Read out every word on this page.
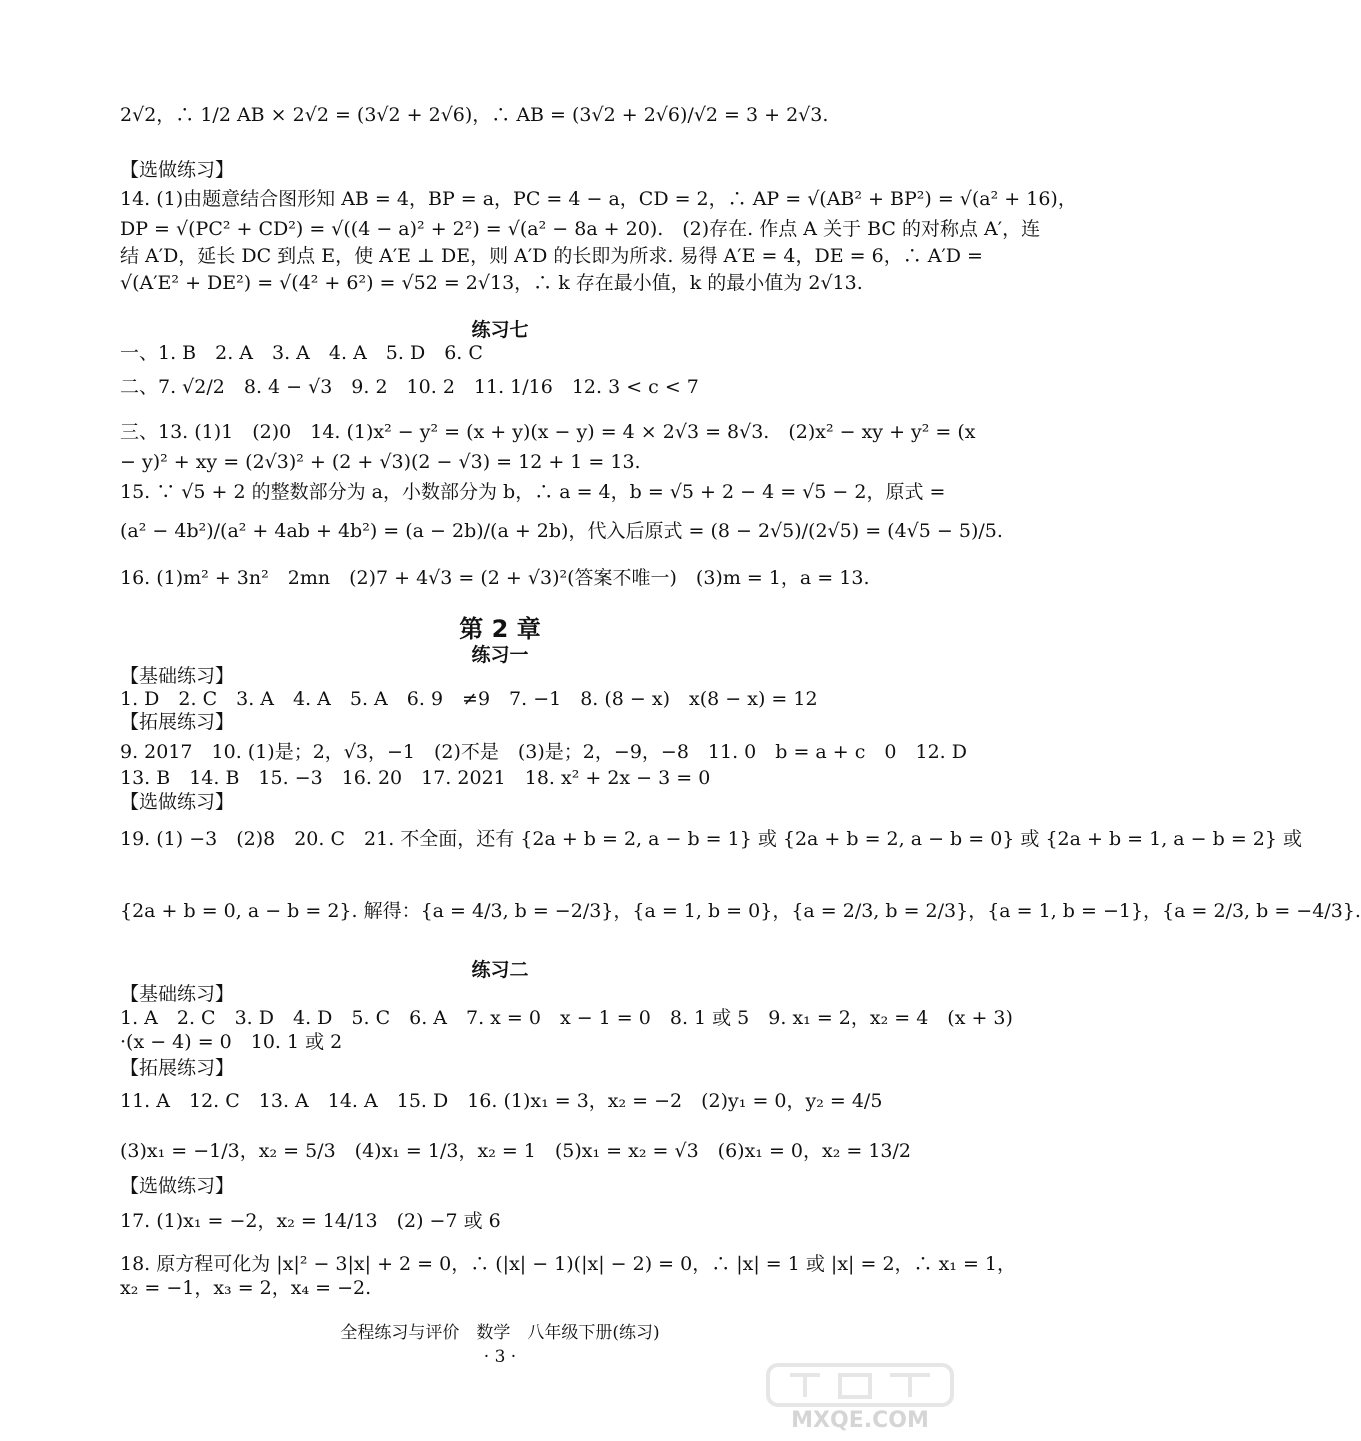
2√2，∴ 1/2 AB × 2√2 = (3√2 + 2√6)，∴ AB = (3√2 + 2√6)/√2 = 3 + 2√3.
【选做练习】
14. (1)由题意结合图形知 AB = 4，BP = a，PC = 4 − a，CD = 2，∴ AP = √(AB² + BP²) = √(a² + 16)，
DP = √(PC² + CD²) = √((4 − a)² + 2²) = √(a² − 8a + 20).　(2)存在. 作点 A 关于 BC 的对称点 A′，连
结 A′D，延长 DC 到点 E，使 A′E ⊥ DE，则 A′D 的长即为所求. 易得 A′E = 4，DE = 6，∴ A′D =
√(A′E² + DE²) = √(4² + 6²) = √52 = 2√13，∴ k 存在最小值，k 的最小值为 2√13.
练习七
一、1. B　2. A　3. A　4. A　5. D　6. C
二、7. √2/2　8. 4 − √3　9. 2　10. 2　11. 1/16　12. 3 < c < 7
三、13. (1)1　(2)0　14. (1)x² − y² = (x + y)(x − y) = 4 × 2√3 = 8√3.　(2)x² − xy + y² = (x
− y)² + xy = (2√3)² + (2 + √3)(2 − √3) = 12 + 1 = 13.
15. ∵ √5 + 2 的整数部分为 a，小数部分为 b，∴ a = 4，b = √5 + 2 − 4 = √5 − 2，原式 =
(a² − 4b²)/(a² + 4ab + 4b²) = (a − 2b)/(a + 2b)，代入后原式 = (8 − 2√5)/(2√5) = (4√5 − 5)/5.
16. (1)m² + 3n²　2mn　(2)7 + 4√3 = (2 + √3)²(答案不唯一)　(3)m = 1，a = 13.
第 2 章
练习一
【基础练习】
1. D　2. C　3. A　4. A　5. A　6. 9　≠9　7. −1　8. (8 − x)　x(8 − x) = 12
【拓展练习】
9. 2017　10. (1)是；2，√3，−1　(2)不是　(3)是；2，−9，−8　11. 0　b = a + c　0　12. D
13. B　14. B　15. −3　16. 20　17. 2021　18. x² + 2x − 3 = 0
【选做练习】
19. (1) −3　(2)8　20. C　21. 不全面，还有 {2a + b = 2, a − b = 1} 或 {2a + b = 2, a − b = 0} 或 {2a + b = 1, a − b = 2} 或
{2a + b = 0, a − b = 2}. 解得：{a = 4/3, b = −2/3}，{a = 1, b = 0}，{a = 2/3, b = 2/3}，{a = 1, b = −1}，{a = 2/3, b = −4/3}.
练习二
【基础练习】
1. A　2. C　3. D　4. D　5. C　6. A　7. x = 0　x − 1 = 0　8. 1 或 5　9. x₁ = 2，x₂ = 4　(x + 3)
·(x − 4) = 0　10. 1 或 2
【拓展练习】
11. A　12. C　13. A　14. A　15. D　16. (1)x₁ = 3，x₂ = −2　(2)y₁ = 0，y₂ = 4/5
(3)x₁ = −1/3，x₂ = 5/3　(4)x₁ = 1/3，x₂ = 1　(5)x₁ = x₂ = √3　(6)x₁ = 0，x₂ = 13/2
【选做练习】
17. (1)x₁ = −2，x₂ = 14/13　(2) −7 或 6
18. 原方程可化为 |x|² − 3|x| + 2 = 0，∴ (|x| − 1)(|x| − 2) = 0，∴ |x| = 1 或 |x| = 2，∴ x₁ = 1，
x₂ = −1，x₃ = 2，x₄ = −2.
全程练习与评价　数学　八年级下册(练习)
· 3 ·
MXQE.COM
